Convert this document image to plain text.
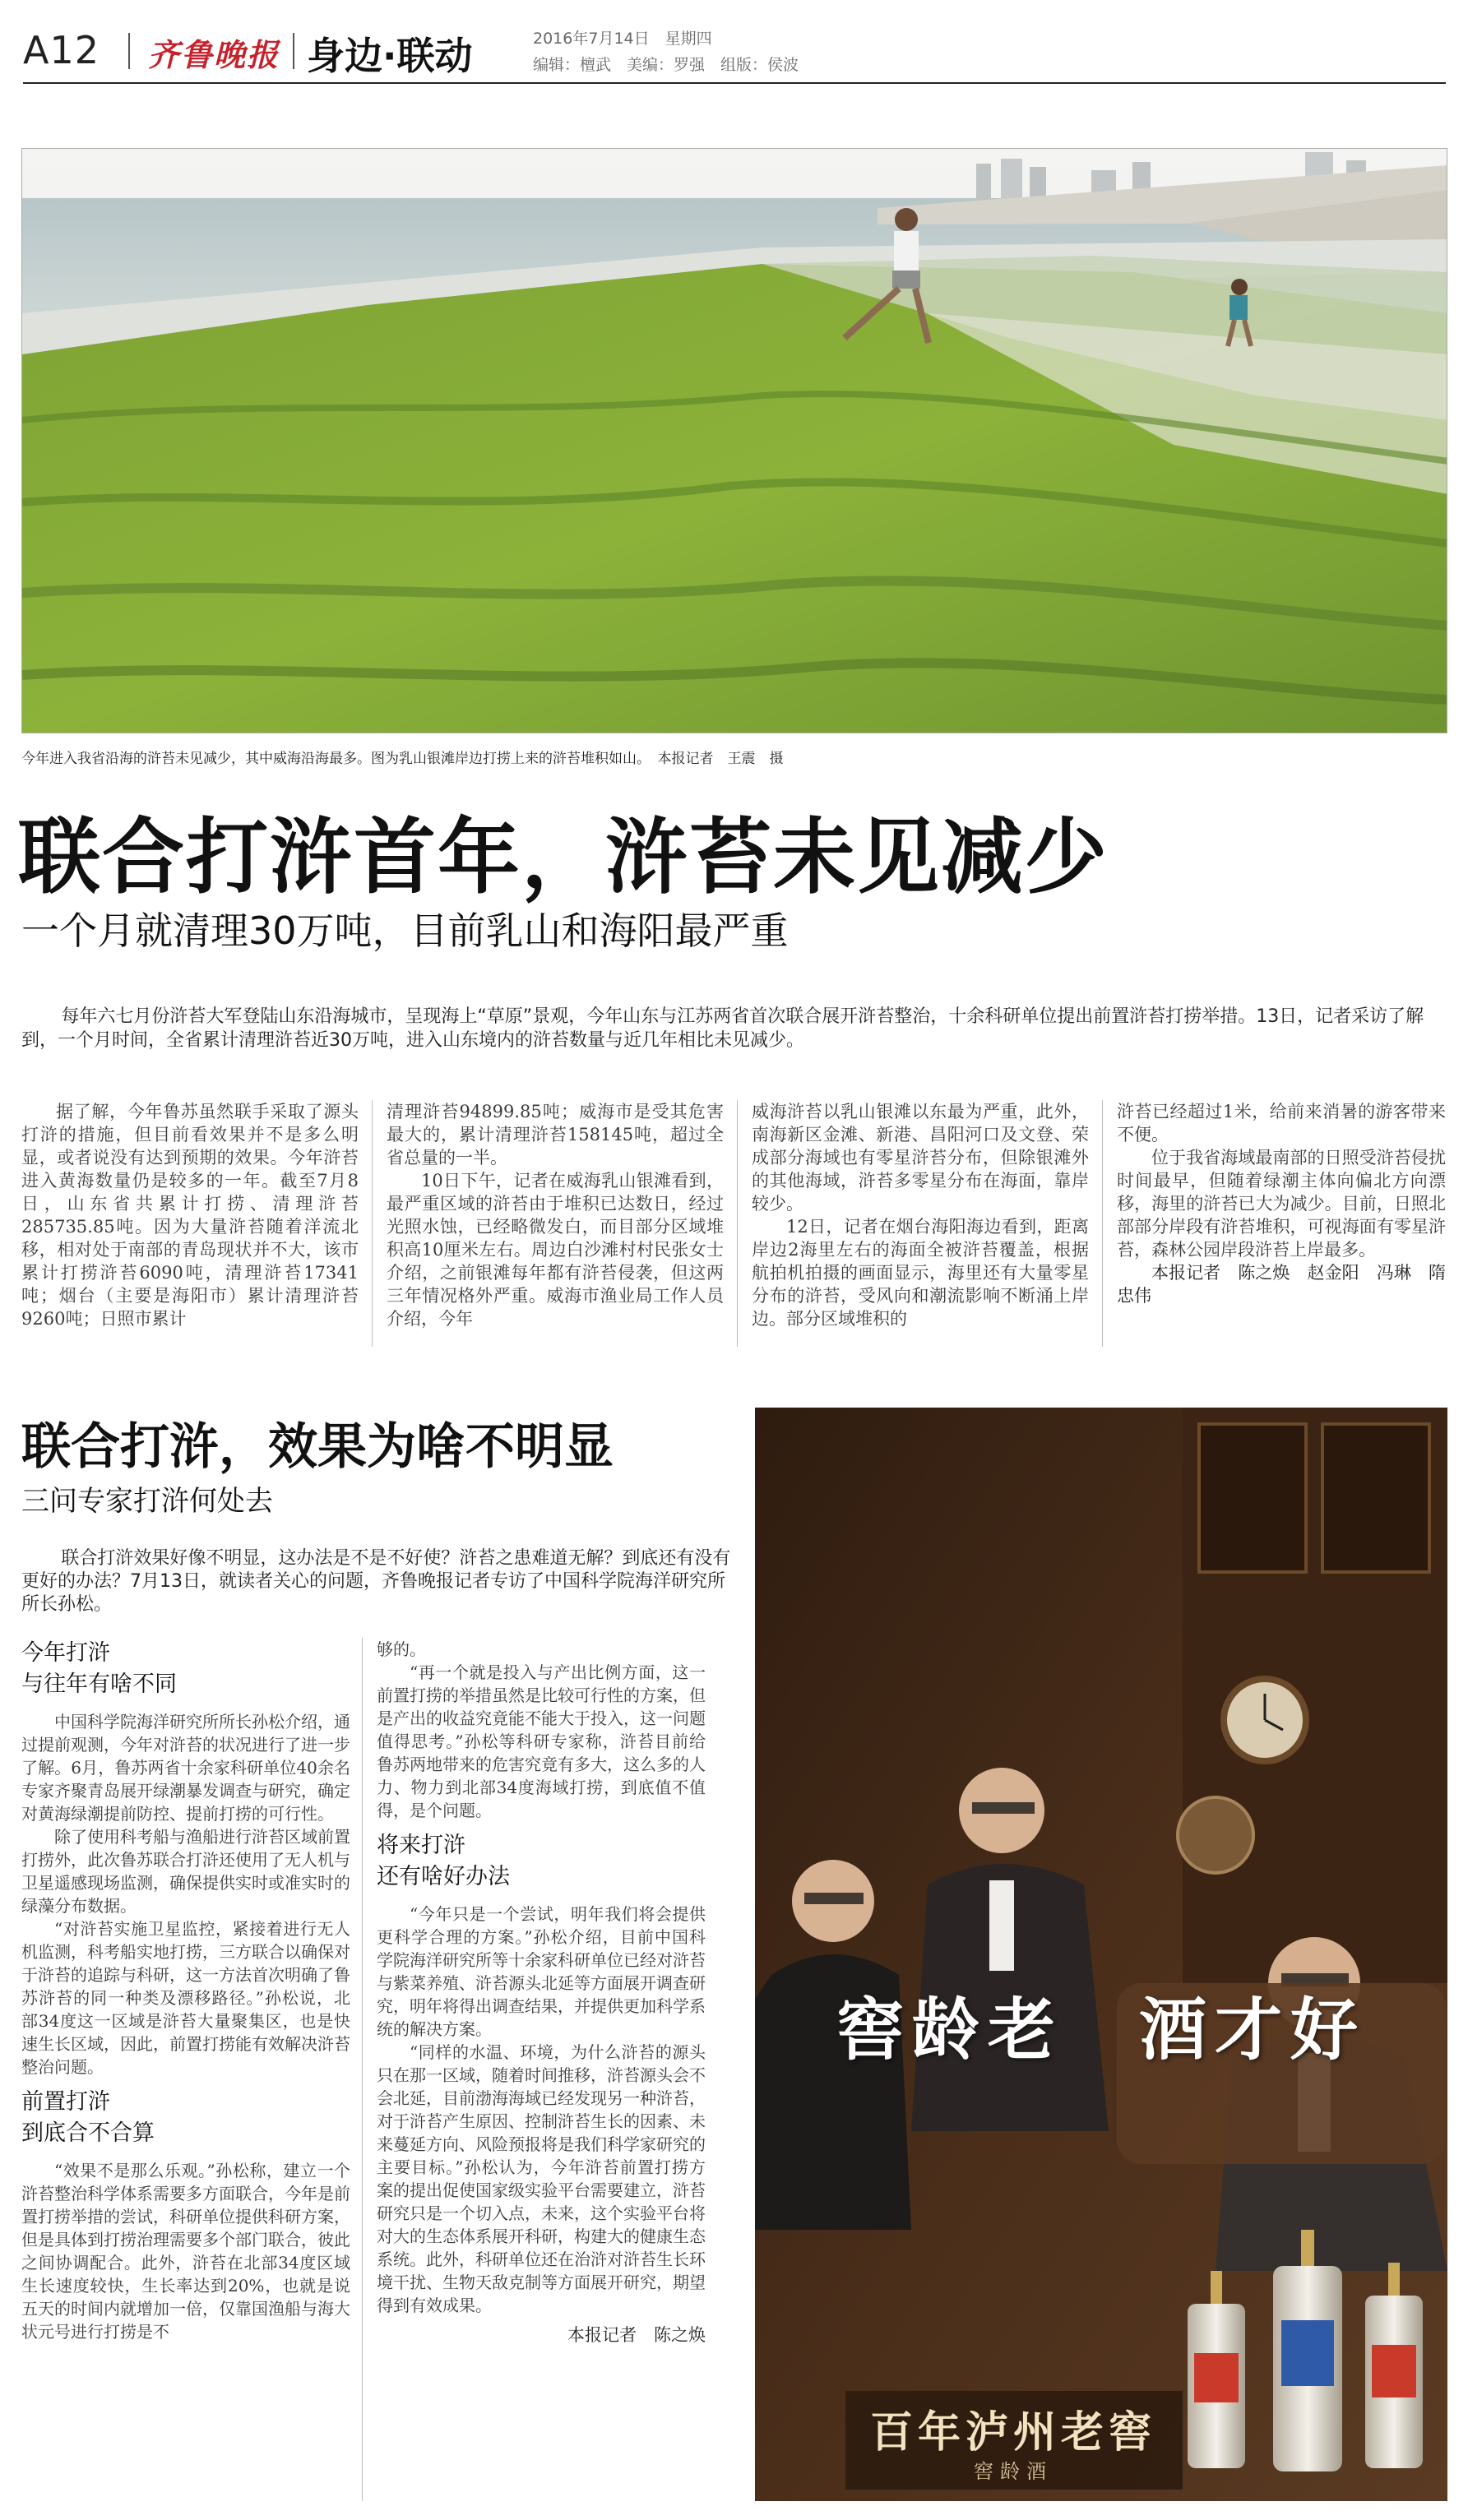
A12 齐鲁晚报 身边·联动	2016年7月14日　星期四
编辑：檀武　美编：罗强　组版：侯波
今年进入我省沿海的浒苔未见减少，其中威海沿海最多。图为乳山银滩岸边打捞上来的浒苔堆积如山。　本报记者　王震　摄
联合打浒首年，浒苔未见减少
一个月就清理30万吨，目前乳山和海阳最严重
每年六七月份浒苔大军登陆山东沿海城市，呈现海上“草原”景观，今年山东与江苏两省首次联合展开浒苔整治，十余科研单位提出前置浒苔打捞举措。13日，记者采访了解到，一个月时间，全省累计清理浒苔近30万吨，进入山东境内的浒苔数量与近几年相比未见减少。

据了解，今年鲁苏虽然联手采取了源头打浒的措施，但目前看效果并不是多么明显，或者说没有达到预期的效果。今年浒苔进入黄海数量仍是较多的一年。截至7月8日，山东省共累计打捞、清理浒苔285735.85吨。因为大量浒苔随着洋流北移，相对处于南部的青岛现状并不大，该市累计打捞浒苔6090吨，清理浒苔17341吨；烟台（主要是海阳市）累计清理浒苔9260吨；日照市累计

清理浒苔94899.85吨；威海市是受其危害最大的，累计清理浒苔158145吨，超过全省总量的一半。

10日下午，记者在威海乳山银滩看到，最严重区域的浒苔由于堆积已达数日，经过光照水蚀，已经略微发白，而目部分区域堆积高10厘米左右。周边白沙滩村村民张女士介绍，之前银滩每年都有浒苔侵袭，但这两三年情况格外严重。威海市渔业局工作人员介绍，今年

威海浒苔以乳山银滩以东最为严重，此外，南海新区金滩、新港、昌阳河口及文登、荣成部分海域也有零星浒苔分布，但除银滩外的其他海域，浒苔多零星分布在海面，靠岸较少。

12日，记者在烟台海阳海边看到，距离岸边2海里左右的海面全被浒苔覆盖，根据航拍机拍摄的画面显示，海里还有大量零星分布的浒苔，受风向和潮流影响不断涌上岸边。部分区域堆积的

浒苔已经超过1米，给前来消暑的游客带来不便。

位于我省海域最南部的日照受浒苔侵扰时间最早，但随着绿潮主体向偏北方向漂移，海里的浒苔已大为减少。目前，日照北部部分岸段有浒苔堆积，可视海面有零星浒苔，森林公园岸段浒苔上岸最多。

本报记者　陈之焕　赵金阳　冯琳　隋忠伟

联合打浒，效果为啥不明显
三问专家打浒何处去
联合打浒效果好像不明显，这办法是不是不好使？浒苔之患难道无解？到底还有没有更好的办法？7月13日，就读者关心的问题，齐鲁晚报记者专访了中国科学院海洋研究所所长孙松。
今年打浒
与往年有啥不同

中国科学院海洋研究所所长孙松介绍，通过提前观测，今年对浒苔的状况进行了进一步了解。6月，鲁苏两省十余家科研单位40余名专家齐聚青岛展开绿潮暴发调查与研究，确定对黄海绿潮提前防控、提前打捞的可行性。

除了使用科考船与渔船进行浒苔区域前置打捞外，此次鲁苏联合打浒还使用了无人机与卫星遥感现场监测，确保提供实时或准实时的绿藻分布数据。

“对浒苔实施卫星监控，紧接着进行无人机监测，科考船实地打捞，三方联合以确保对于浒苔的追踪与科研，这一方法首次明确了鲁苏浒苔的同一种类及漂移路径。”孙松说，北部34度这一区域是浒苔大量聚集区，也是快速生长区域，因此，前置打捞能有效解决浒苔整治问题。

前置打浒
到底合不合算

“效果不是那么乐观。”孙松称，建立一个浒苔整治科学体系需要多方面联合，今年是前置打捞举措的尝试，科研单位提供科研方案，但是具体到打捞治理需要多个部门联合，彼此之间协调配合。此外，浒苔在北部34度区域生长速度较快，生长率达到20%，也就是说五天的时间内就增加一倍，仅靠国渔船与海大状元号进行打捞是不

够的。

“再一个就是投入与产出比例方面，这一前置打捞的举措虽然是比较可行性的方案，但是产出的收益究竟能不能大于投入，这一问题值得思考。”孙松等科研专家称，浒苔目前给鲁苏两地带来的危害究竟有多大，这么多的人力、物力到北部34度海域打捞，到底值不值得，是个问题。

将来打浒
还有啥好办法

“今年只是一个尝试，明年我们将会提供更科学合理的方案。”孙松介绍，目前中国科学院海洋研究所等十余家科研单位已经对浒苔与紫菜养殖、浒苔源头北延等方面展开调查研究，明年将得出调查结果，并提供更加科学系统的解决方案。

“同样的水温、环境，为什么浒苔的源头只在那一区域，随着时间推移，浒苔源头会不会北延，目前渤海海域已经发现另一种浒苔，对于浒苔产生原因、控制浒苔生长的因素、未来蔓延方向、风险预报将是我们科学家研究的主要目标。”孙松认为，今年浒苔前置打捞方案的提出促使国家级实验平台需要建立，浒苔研究只是一个切入点，未来，这个实验平台将对大的生态体系展开科研，构建大的健康生态系统。此外，科研单位还在治浒对浒苔生长环境干扰、生物天敌克制等方面展开研究，期望得到有效成果。

本报记者　陈之焕

窖龄老　酒才好
百年泸州老窖
窖龄酒
